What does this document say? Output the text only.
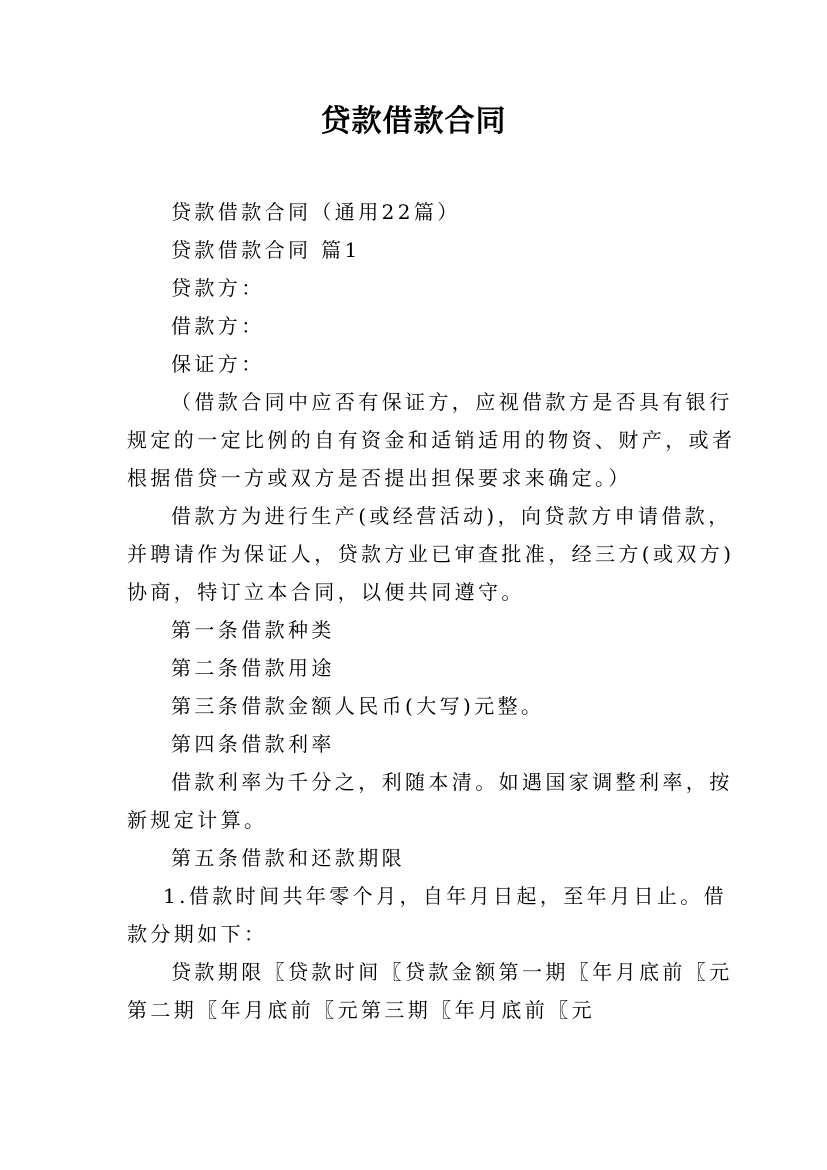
贷款借款合同

贷款借款合同（通用22篇）

贷款借款合同 篇1

贷款方：

借款方：

保证方：

（借款合同中应否有保证方，应视借款方是否具有银行
规定的一定比例的自有资金和适销适用的物资、财产，或者
根据借贷一方或双方是否提出担保要求来确定。）

借款方为进行生产(或经营活动)，向贷款方申请借款，
并聘请作为保证人，贷款方业已审查批准，经三方(或双方)
协商，特订立本合同，以便共同遵守。

第一条借款种类

第二条借款用途

第三条借款金额人民币(大写)元整。

第四条借款利率

借款利率为千分之，利随本清。如遇国家调整利率，按
新规定计算。

第五条借款和还款期限

1.借款时间共年零个月，自年月日起，至年月日止。借
款分期如下：

贷款期限〖贷款时间〖贷款金额第一期〖年月底前〖元
第二期〖年月底前〖元第三期〖年月底前〖元
